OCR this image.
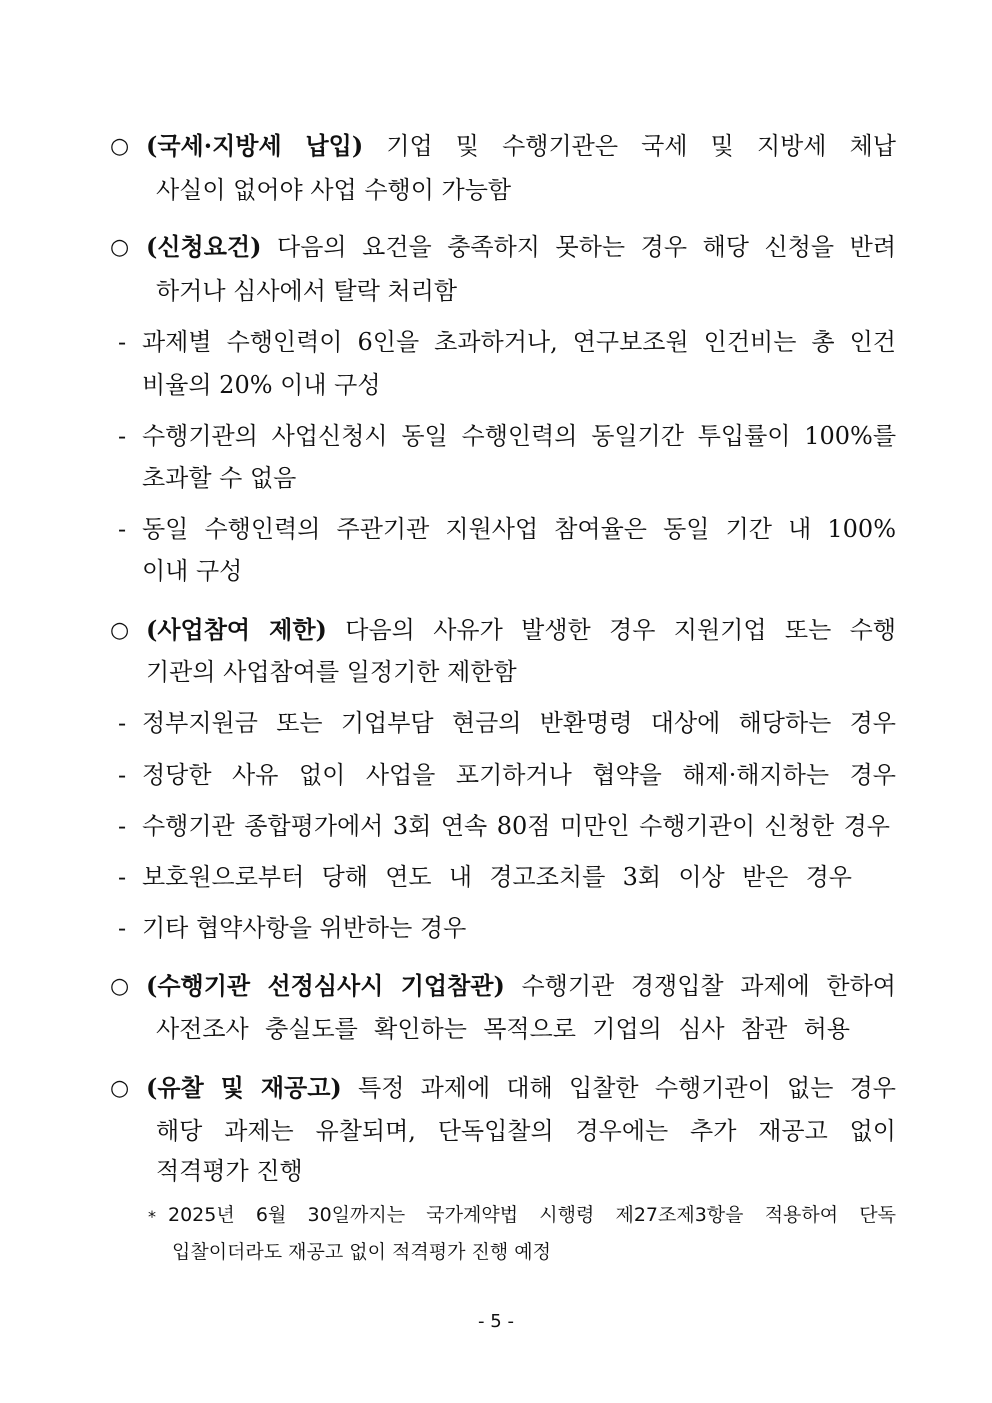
○ (국세·지방세 납입) 기업 및 수행기관은 국세 및 지방세 체납
사실이 없어야 사업 수행이 가능함
○ (신청요건) 다음의 요건을 충족하지 못하는 경우 해당 신청을 반려
하거나 심사에서 탈락 처리함
- 과제별 수행인력이 6인을 초과하거나, 연구보조원 인건비는 총 인건
비율의 20% 이내 구성
- 수행기관의 사업신청시 동일 수행인력의 동일기간 투입률이 100%를
초과할 수 없음
- 동일 수행인력의 주관기관 지원사업 참여율은 동일 기간 내 100%
이내 구성
○ (사업참여 제한) 다음의 사유가 발생한 경우 지원기업 또는 수행
기관의 사업참여를 일정기한 제한함
- 정부지원금 또는 기업부담 현금의 반환명령 대상에 해당하는 경우
- 정당한 사유 없이 사업을 포기하거나 협약을 해제·해지하는 경우
- 수행기관 종합평가에서 3회 연속 80점 미만인 수행기관이 신청한 경우
- 보호원으로부터 당해 연도 내 경고조치를 3회 이상 받은 경우
- 기타 협약사항을 위반하는 경우
○ (수행기관 선정심사시 기업참관) 수행기관 경쟁입찰 과제에 한하여
사전조사 충실도를 확인하는 목적으로 기업의 심사 참관 허용
○ (유찰 및 재공고) 특정 과제에 대해 입찰한 수행기관이 없는 경우
해당 과제는 유찰되며, 단독입찰의 경우에는 추가 재공고 없이
적격평가 진행
* 2025년 6월 30일까지는 국가계약법 시행령 제27조제3항을 적용하여 단독
입찰이더라도 재공고 없이 적격평가 진행 예정
- 5 -
